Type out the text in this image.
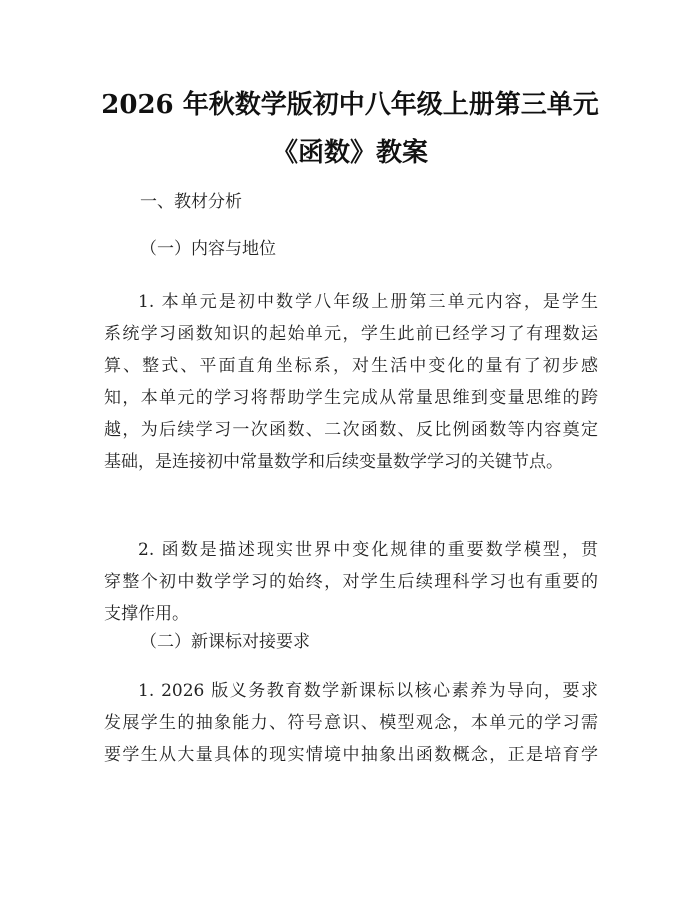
2026 年秋数学版初中八年级上册第三单元
《函数》教案
一、教材分析
（一）内容与地位
1. 本单元是初中数学八年级上册第三单元内容，是学生
系统学习函数知识的起始单元，学生此前已经学习了有理数运
算、整式、平面直角坐标系，对生活中变化的量有了初步感
知，本单元的学习将帮助学生完成从常量思维到变量思维的跨
越，为后续学习一次函数、二次函数、反比例函数等内容奠定
基础，是连接初中常量数学和后续变量数学学习的关键节点。
2. 函数是描述现实世界中变化规律的重要数学模型，贯
穿整个初中数学学习的始终，对学生后续理科学习也有重要的
支撑作用。
（二）新课标对接要求
1. 2026 版义务教育数学新课标以核心素养为导向，要求
发展学生的抽象能力、符号意识、模型观念，本单元的学习需
要学生从大量具体的现实情境中抽象出函数概念，正是培育学
